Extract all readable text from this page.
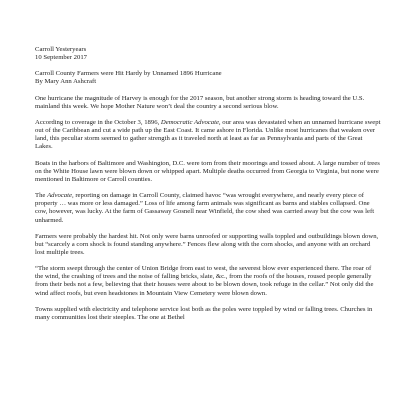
Carroll Yesteryears
10 September 2017
Carroll County Farmers were Hit Hardy by Unnamed 1896 Hurricane
By Mary Ann Ashcraft
One hurricane the magnitude of Harvey is enough for the 2017 season, but another strong storm is heading toward the U.S. mainland this week. We hope Mother Nature won’t deal the country a second serious blow.
According to coverage in the October 3, 1896, Democratic Advocate, our area was devastated when an unnamed hurricane swept out of the Caribbean and cut a wide path up the East Coast. It came ashore in Florida. Unlike most hurricanes that weaken over land, this peculiar storm seemed to gather strength as it traveled north at least as far as Pennsylvania and parts of the Great Lakes.
Boats in the harbors of Baltimore and Washington, D.C. were torn from their moorings and tossed about. A large number of trees on the White House lawn were blown down or whipped apart. Multiple deaths occurred from Georgia to Virginia, but none were mentioned in Baltimore or Carroll counties.
The Advocate, reporting on damage in Carroll County, claimed havoc “was wrought everywhere, and nearly every piece of property … was more or less damaged.” Loss of life among farm animals was significant as barns and stables collapsed. One cow, however, was lucky. At the farm of Gassaway Gosnell near Winfield, the cow shed was carried away but the cow was left unharmed.
Farmers were probably the hardest hit. Not only were barns unroofed or supporting walls toppled and outbuildings blown down, but “scarcely a corn shock is found standing anywhere.” Fences flew along with the corn shocks, and anyone with an orchard lost multiple trees.
“The storm swept through the center of Union Bridge from east to west, the severest blow ever experienced there. The roar of the wind, the crashing of trees and the noise of falling bricks, slate, &c., from the roofs of the houses, roused people generally from their beds not a few, believing that their houses were about to be blown down, took refuge in the cellar.” Not only did the wind affect roofs, but even headstones in Mountain View Cemetery were blown down.
Towns supplied with electricity and telephone service lost both as the poles were toppled by wind or falling trees. Churches in many communities lost their steeples. The one at Bethel
